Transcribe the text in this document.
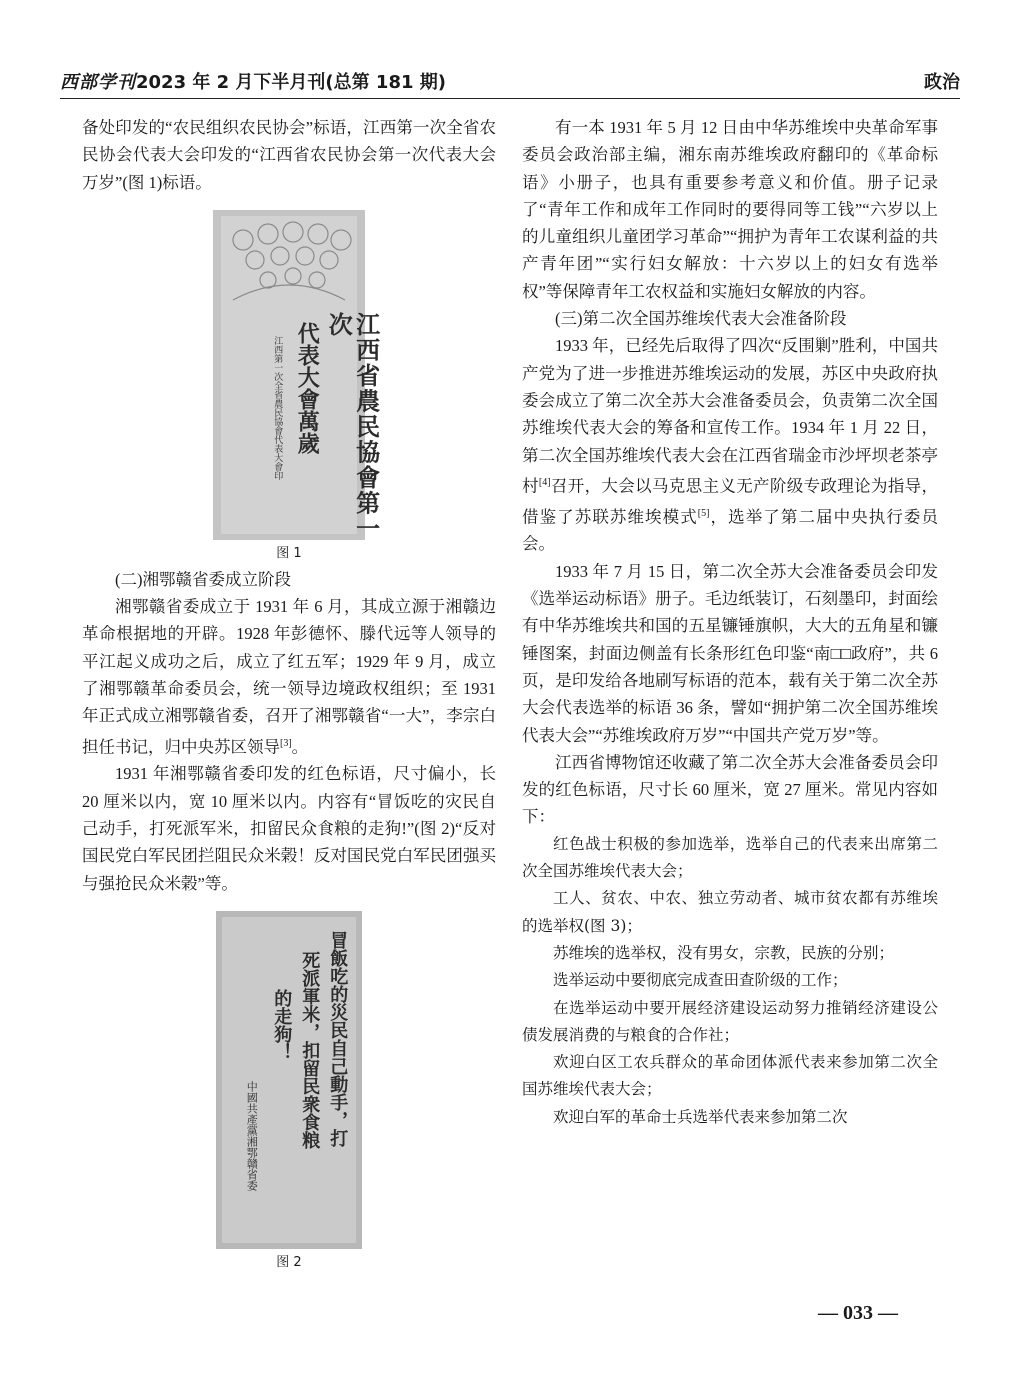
西部学刊2023 年 2 月下半月刊(总第 181 期)	政治

备处印发的“农民组织农民协会”标语，江西第一次全省农民协会代表大会印发的“江西省农民协会第一次代表大会万岁”(图 1)标语。

江西省農民協會第一次
代表大會萬歲
江西第一次全省農民協會代表大會印
图 1

(二)湘鄂赣省委成立阶段

湘鄂赣省委成立于 1931 年 6 月，其成立源于湘赣边革命根据地的开辟。1928 年彭德怀、滕代远等人领导的平江起义成功之后，成立了红五军；1929 年 9 月，成立了湘鄂赣革命委员会，统一领导边境政权组织；至 1931 年正式成立湘鄂赣省委，召开了湘鄂赣省“一大”，李宗白担任书记，归中央苏区领导[3]。

1931 年湘鄂赣省委印发的红色标语，尺寸偏小，长 20 厘米以内，宽 10 厘米以内。内容有“冒饭吃的灾民自己动手，打死派军米，扣留民众食粮的走狗!”(图 2)“反对国民党白军民团拦阻民众米榖！反对国民党白军民团强买与强抢民众米榖”等。

冒飯吃的災民自己動手，打
死派軍米，扣留民衆食粮
的走狗！
中國共產黨湘鄂贛省委
图 2

有一本 1931 年 5 月 12 日由中华苏维埃中央革命军事委员会政治部主编，湘东南苏维埃政府翻印的《革命标语》小册子，也具有重要参考意义和价值。册子记录了“青年工作和成年工作同时的要得同等工钱”“六岁以上的儿童组织儿童团学习革命”“拥护为青年工农谋利益的共产青年团”“实行妇女解放：十六岁以上的妇女有选举权”等保障青年工农权益和实施妇女解放的内容。

(三)第二次全国苏维埃代表大会准备阶段

1933 年，已经先后取得了四次“反围剿”胜利，中国共产党为了进一步推进苏维埃运动的发展，苏区中央政府执委会成立了第二次全苏大会准备委员会，负责第二次全国苏维埃代表大会的筹备和宣传工作。1934 年 1 月 22 日，第二次全国苏维埃代表大会在江西省瑞金市沙坪坝老茶亭村[4]召开，大会以马克思主义无产阶级专政理论为指导，借鉴了苏联苏维埃模式[5]，选举了第二届中央执行委员会。

1933 年 7 月 15 日，第二次全苏大会准备委员会印发《选举运动标语》册子。毛边纸装订，石刻墨印，封面绘有中华苏维埃共和国的五星镰锤旗帜，大大的五角星和镰锤图案，封面边侧盖有长条形红色印鉴“南□□政府”，共 6 页，是印发给各地刷写标语的范本，载有关于第二次全苏大会代表选举的标语 36 条，譬如“拥护第二次全国苏维埃代表大会”“苏维埃政府万岁”“中国共产党万岁”等。

江西省博物馆还收藏了第二次全苏大会准备委员会印发的红色标语，尺寸长 60 厘米，宽 27 厘米。常见内容如下：

红色战士积极的参加选举，选举自己的代表来出席第二次全国苏维埃代表大会；

工人、贫农、中农、独立劳动者、城市贫农都有苏维埃的选举权(图 3)；

苏维埃的选举权，没有男女，宗教，民族的分别；

选举运动中要彻底完成查田查阶级的工作；

在选举运动中要开展经济建设运动努力推销经济建设公债发展消费的与粮食的合作社；

欢迎白区工农兵群众的革命团体派代表来参加第二次全国苏维埃代表大会；

欢迎白军的革命士兵选举代表来参加第二次

— 033 —
